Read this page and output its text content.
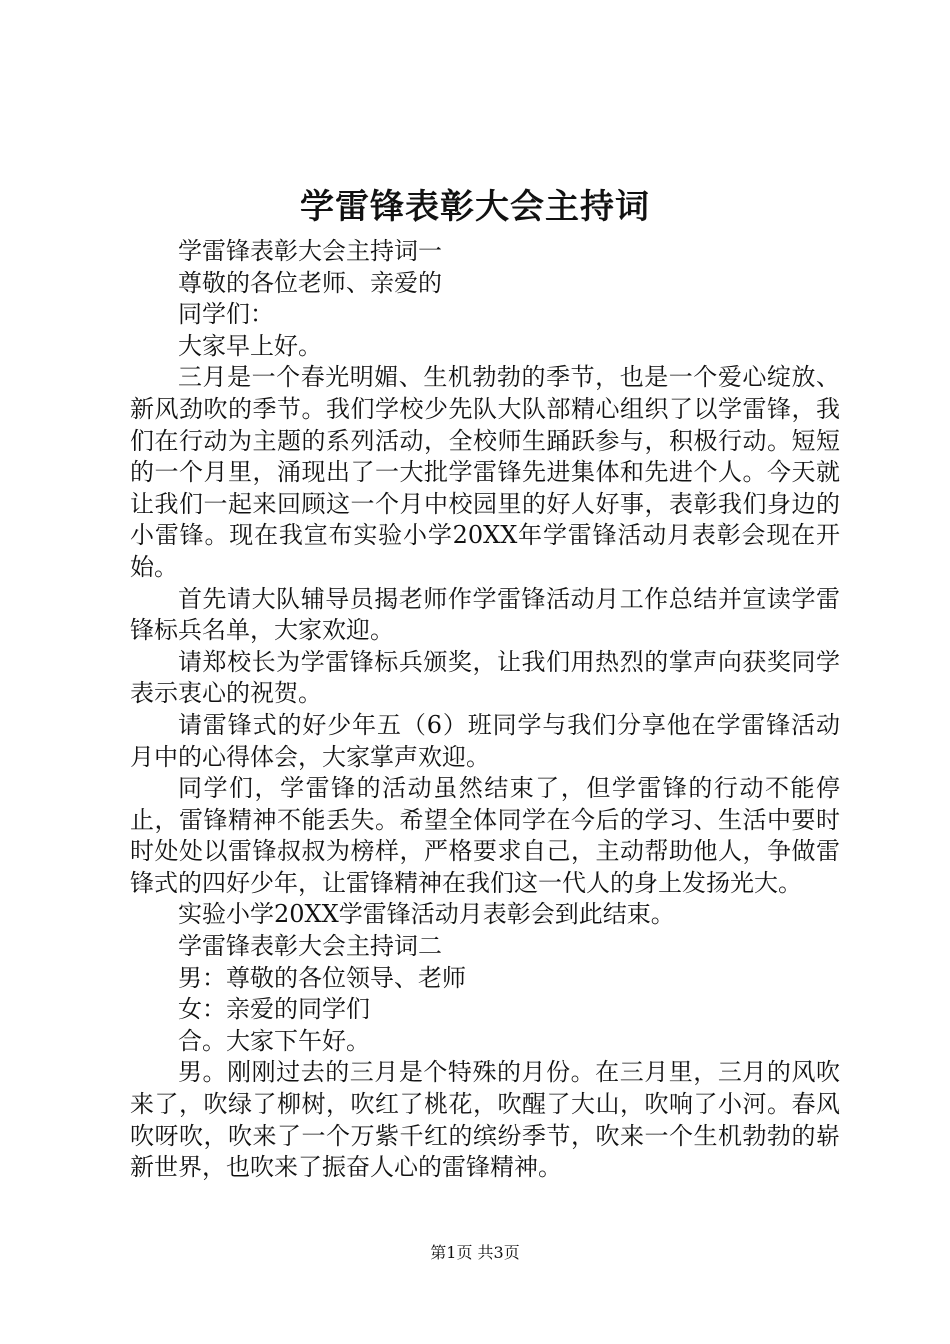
学雷锋表彰大会主持词

学雷锋表彰大会主持词一

尊敬的各位老师、亲爱的

同学们：

大家早上好。

三月是一个春光明媚、生机勃勃的季节，也是一个爱心绽放、新风劲吹的季节。我们学校少先队大队部精心组织了以学雷锋，我们在行动为主题的系列活动，全校师生踊跃参与，积极行动。短短的一个月里，涌现出了一大批学雷锋先进集体和先进个人。今天就让我们一起来回顾这一个月中校园里的好人好事，表彰我们身边的小雷锋。现在我宣布实验小学20XX年学雷锋活动月表彰会现在开始。

首先请大队辅导员揭老师作学雷锋活动月工作总结并宣读学雷锋标兵名单，大家欢迎。

请郑校长为学雷锋标兵颁奖，让我们用热烈的掌声向获奖同学表示衷心的祝贺。

请雷锋式的好少年五（6）班同学与我们分享他在学雷锋活动月中的心得体会，大家掌声欢迎。

同学们，学雷锋的活动虽然结束了，但学雷锋的行动不能停止，雷锋精神不能丢失。希望全体同学在今后的学习、生活中要时时处处以雷锋叔叔为榜样，严格要求自己，主动帮助他人，争做雷锋式的四好少年，让雷锋精神在我们这一代人的身上发扬光大。

实验小学20XX学雷锋活动月表彰会到此结束。

学雷锋表彰大会主持词二

男：尊敬的各位领导、老师

女：亲爱的同学们

合。大家下午好。

男。刚刚过去的三月是个特殊的月份。在三月里，三月的风吹来了，吹绿了柳树，吹红了桃花，吹醒了大山，吹响了小河。春风吹呀吹，吹来了一个万紫千红的缤纷季节，吹来一个生机勃勃的崭新世界，也吹来了振奋人心的雷锋精神。

第1页 共3页
